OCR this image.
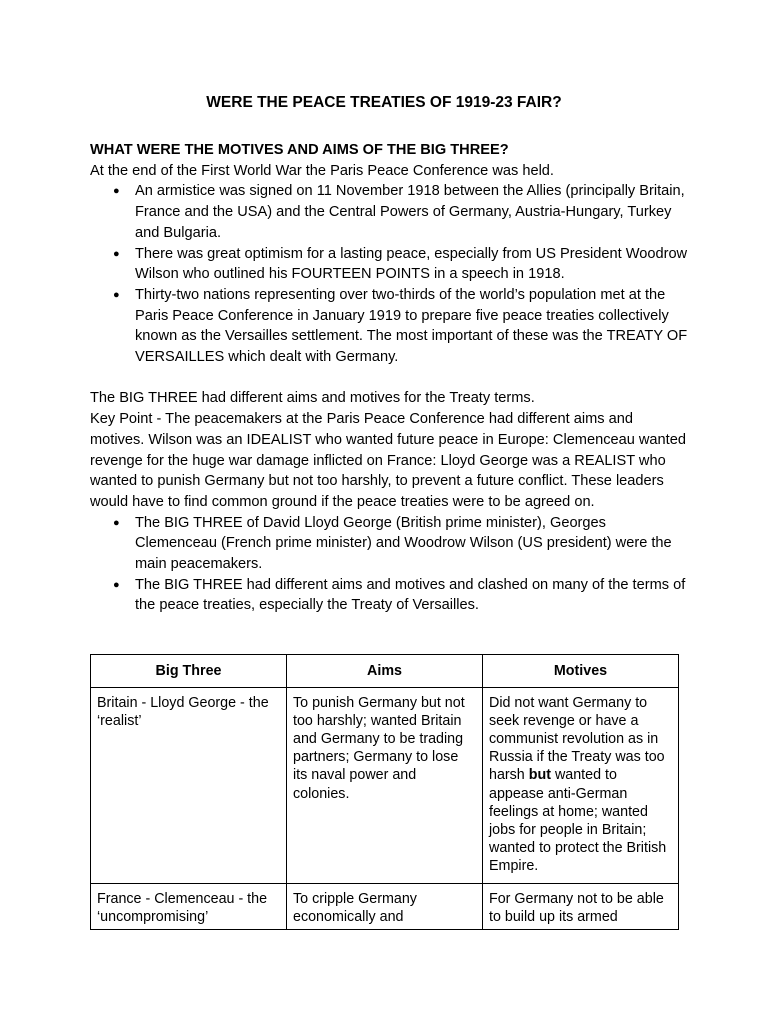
WERE THE PEACE TREATIES OF 1919-23 FAIR?

WHAT WERE THE MOTIVES AND AIMS OF THE BIG THREE?

At the end of the First World War the Paris Peace Conference was held.

● An armistice was signed on 11 November 1918 between the Allies (principally Britain, France and the USA) and the Central Powers of Germany, Austria-Hungary, Turkey and Bulgaria.
● There was great optimism for a lasting peace, especially from US President Woodrow Wilson who outlined his FOURTEEN POINTS in a speech in 1918.
● Thirty-two nations representing over two-thirds of the world’s population met at the Paris Peace Conference in January 1919 to prepare five peace treaties collectively known as the Versailles settlement. The most important of these was the TREATY OF VERSAILLES which dealt with Germany.

The BIG THREE had different aims and motives for the Treaty terms.

Key Point - The peacemakers at the Paris Peace Conference had different aims and motives. Wilson was an IDEALIST who wanted future peace in Europe: Clemenceau wanted revenge for the huge war damage inflicted on France: Lloyd George was a REALIST who wanted to punish Germany but not too harshly, to prevent a future conflict. These leaders would have to find common ground if the peace treaties were to be agreed on.

● The BIG THREE of David Lloyd George (British prime minister), Georges Clemenceau (French prime minister) and Woodrow Wilson (US president) were the main peacemakers.
● The BIG THREE had different aims and motives and clashed on many of the terms of the peace treaties, especially the Treaty of Versailles.
Big Three	Aims	Motives
Britain - Lloyd George - the ‘realist’	To punish Germany but not too harshly; wanted Britain and Germany to be trading partners; Germany to lose its naval power and colonies.	Did not want Germany to seek revenge or have a communist revolution as in Russia if the Treaty was too harsh but wanted to appease anti-German feelings at home; wanted jobs for people in Britain; wanted to protect the British Empire.
France - Clemenceau - the ‘uncompromising’	To cripple Germany economically and	For Germany not to be able to build up its armed
